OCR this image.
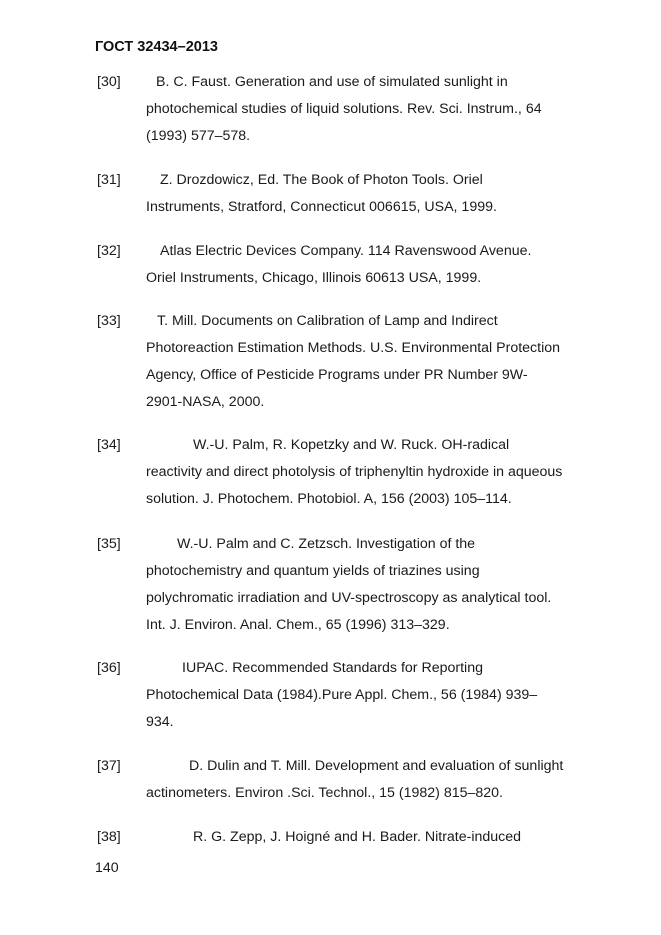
ГОСТ 32434–2013
[30] B. C. Faust. Generation and use of simulated sunlight in
photochemical studies of liquid solutions. Rev. Sci. Instrum., 64
(1993) 577–578.
[31]	Z. Drozdowicz, Ed. The Book of Photon Tools. Oriel
Instruments, Stratford, Connecticut 006615, USA, 1999.
[32]	Atlas Electric Devices Company. 114 Ravenswood Avenue.
Oriel Instruments, Chicago, Illinois 60613 USA, 1999.
[33]	T. Mill. Documents on Calibration of Lamp and Indirect
Photoreaction Estimation Methods. U.S. Environmental Protection
Agency, Office of Pesticide Programs under PR Number 9W-
2901-NASA, 2000.
[34]	W.-U. Palm, R. Kopetzky and W. Ruck. OH-radical
reactivity and direct photolysis of triphenyltin hydroxide in aqueous
solution. J. Photochem. Photobiol. A, 156 (2003) 105–114.
[35]	W.-U. Palm and C. Zetzsch. Investigation of the
photochemistry and quantum yields of triazines using
polychromatic irradiation and UV-spectroscopy as analytical tool.
Int. J. Environ. Anal. Chem., 65 (1996) 313–329.
[36]	IUPAC. Recommended Standards for Reporting
Photochemical Data (1984).Pure Appl. Chem., 56 (1984) 939–
934.
[37]	D. Dulin and T. Mill. Development and evaluation of sunlight
actinometers. Environ .Sci. Technol., 15 (1982) 815–820.
[38]	R. G. Zepp, J. Hoigné and H. Bader. Nitrate-induced
140
